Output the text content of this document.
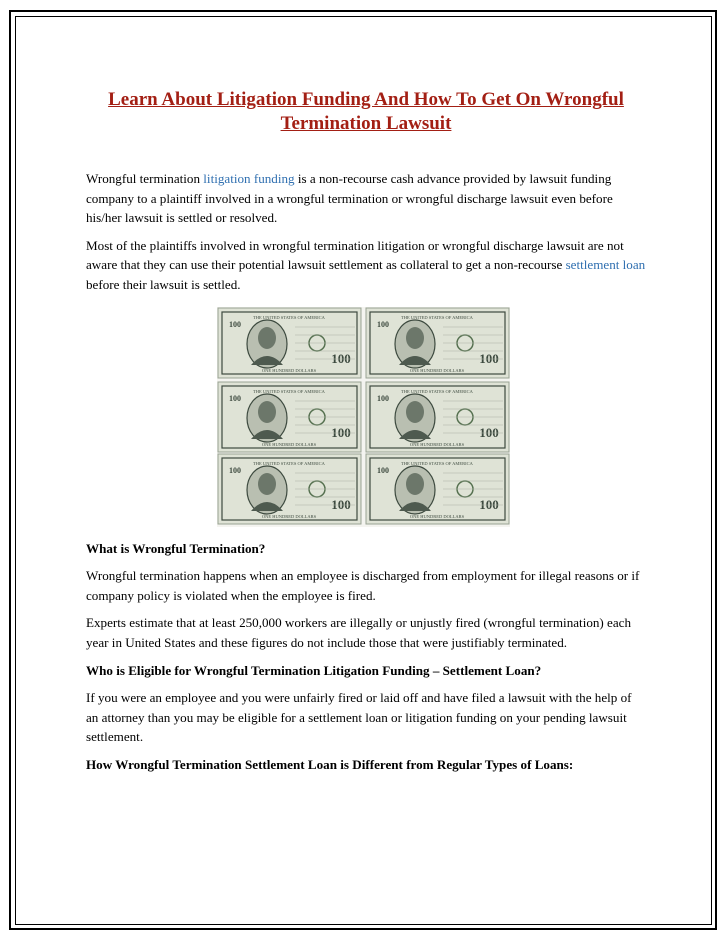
Learn About Litigation Funding And How To Get On Wrongful Termination Lawsuit

Wrongful termination litigation funding is a non-recourse cash advance provided by lawsuit funding company to a plaintiff involved in a wrongful termination or wrongful discharge lawsuit even before his/her lawsuit is settled or resolved.

Most of the plaintiffs involved in wrongful termination litigation or wrongful discharge lawsuit are not aware that they can use their potential lawsuit settlement as collateral to get a non-recourse settlement loan before their lawsuit is settled.

THE UNITED STATES OF AMERICA
ONE HUNDRED DOLLARS
100
100
THE UNITED STATES OF AMERICA
ONE HUNDRED DOLLARS
100
100
THE UNITED STATES OF AMERICA
ONE HUNDRED DOLLARS
100
100
THE UNITED STATES OF AMERICA
ONE HUNDRED DOLLARS
100
100
THE UNITED STATES OF AMERICA
ONE HUNDRED DOLLARS
100
100
THE UNITED STATES OF AMERICA
ONE HUNDRED DOLLARS
100
100
What is Wrongful Termination?

Wrongful termination happens when an employee is discharged from employment for illegal reasons or if company policy is violated when the employee is fired.

Experts estimate that at least 250,000 workers are illegally or unjustly fired (wrongful termination) each year in United States and these figures do not include those that were justifiably terminated.

Who is Eligible for Wrongful Termination Litigation Funding – Settlement Loan?

If you were an employee and you were unfairly fired or laid off and have filed a lawsuit with the help of an attorney than you may be eligible for a settlement loan or litigation funding on your pending lawsuit settlement.

How Wrongful Termination Settlement Loan is Different from Regular Types of Loans:
